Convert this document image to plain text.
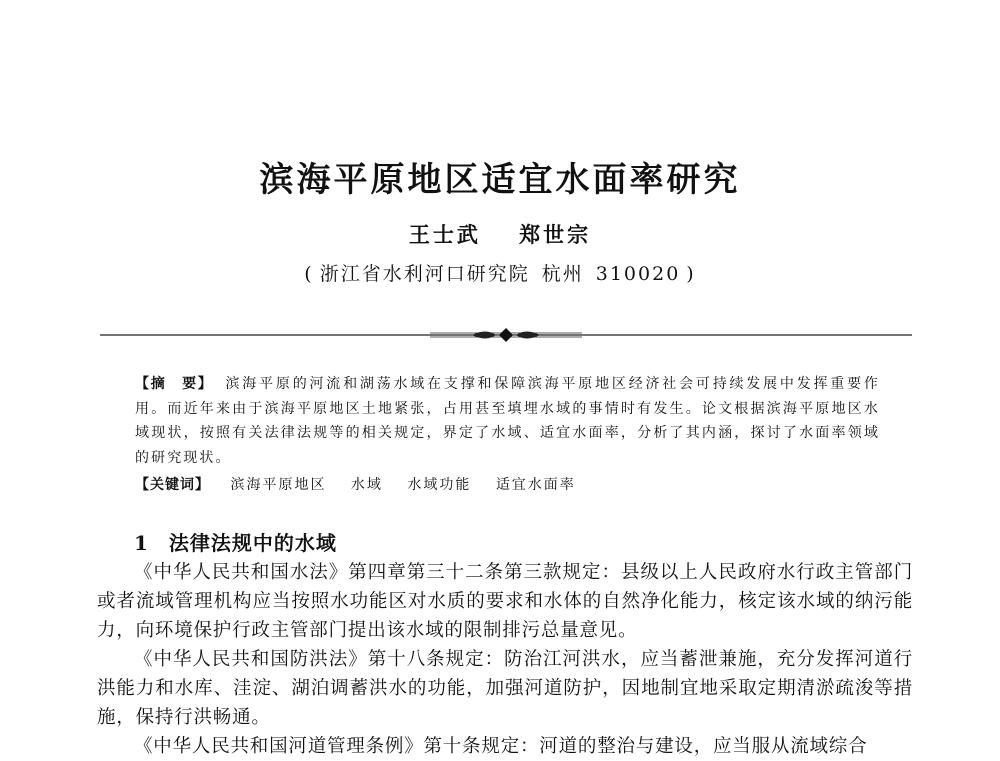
滨海平原地区适宜水面率研究
王士武 郑世宗
( 浙江省水利河口研究院 杭州 310020 )
【摘　要】 滨海平原的河流和湖荡水域在支撑和保障滨海平原地区经济社会可持续发展中发挥重要作用。而近年来由于滨海平原地区土地紧张，占用甚至填埋水域的事情时有发生。论文根据滨海平原地区水域现状，按照有关法律法规等的相关规定，界定了水域、适宜水面率，分析了其内涵，探讨了水面率领域的研究现状。
【关键词】 滨海平原地区 水域 水域功能 适宜水面率
1 法律法规中的水域

《中华人民共和国水法》第四章第三十二条第三款规定：县级以上人民政府水行政主管部门或者流域管理机构应当按照水功能区对水质的要求和水体的自然净化能力，核定该水域的纳污能力，向环境保护行政主管部门提出该水域的限制排污总量意见。

《中华人民共和国防洪法》第十八条规定：防治江河洪水，应当蓄泄兼施，充分发挥河道行洪能力和水库、洼淀、湖泊调蓄洪水的功能，加强河道防护，因地制宜地采取定期清淤疏浚等措施，保持行洪畅通。

《中华人民共和国河道管理条例》第十条规定：河道的整治与建设，应当服从流域综合
